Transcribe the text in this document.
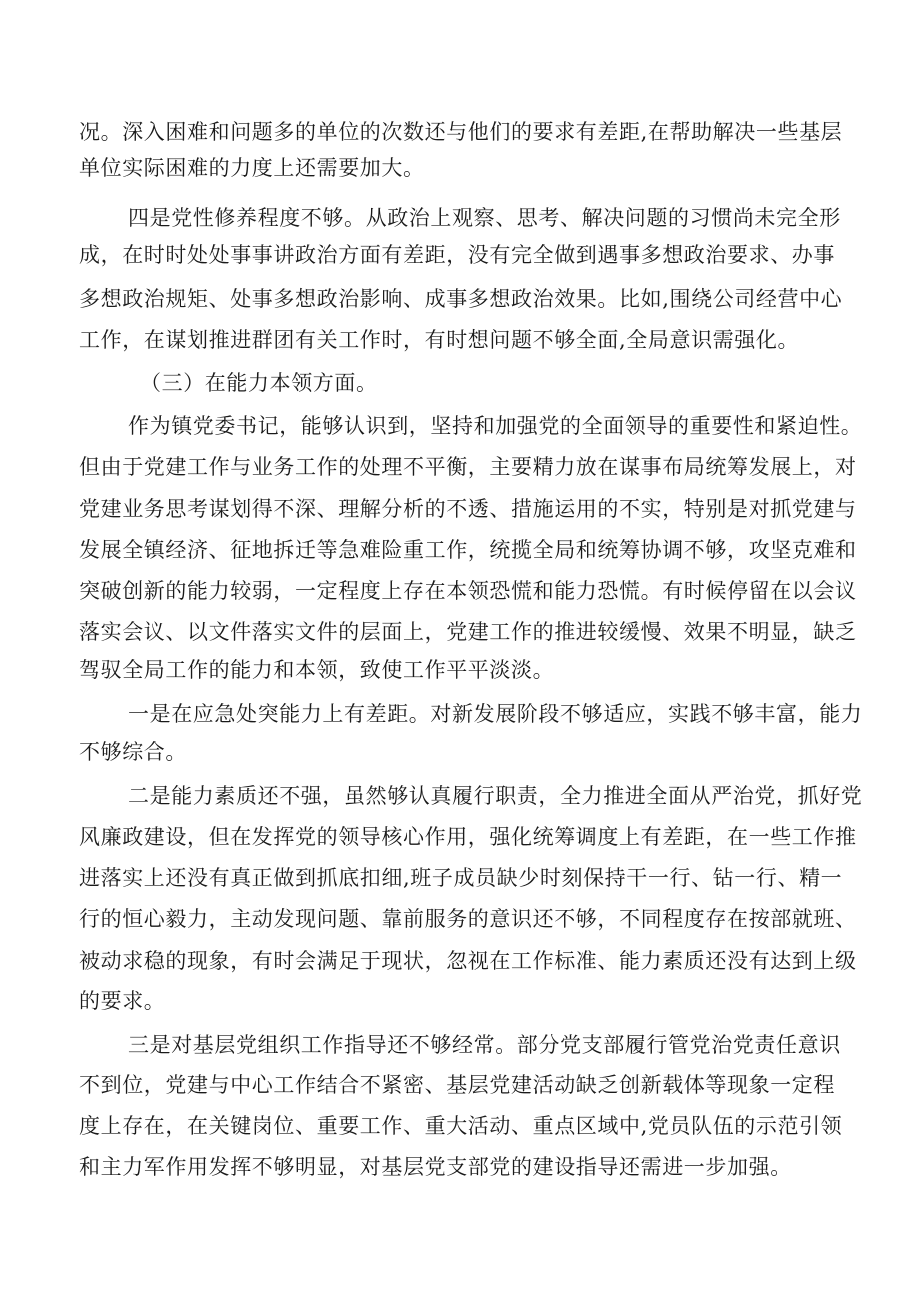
况。深入困难和问题多的单位的次数还与他们的要求有差距,在帮助解决一些基层
单位实际困难的力度上还需要加大。
四是党性修养程度不够。从政治上观察、思考、解决问题的习惯尚未完全形
成，在时时处处事事讲政治方面有差距，没有完全做到遇事多想政治要求、办事
多想政治规矩、处事多想政治影响、成事多想政治效果。比如,围绕公司经营中心
工作，在谋划推进群团有关工作时，有时想问题不够全面,全局意识需强化。
（三）在能力本领方面。
作为镇党委书记，能够认识到，坚持和加强党的全面领导的重要性和紧迫性。
但由于党建工作与业务工作的处理不平衡，主要精力放在谋事布局统筹发展上，对
党建业务思考谋划得不深、理解分析的不透、措施运用的不实，特别是对抓党建与
发展全镇经济、征地拆迁等急难险重工作，统揽全局和统筹协调不够，攻坚克难和
突破创新的能力较弱，一定程度上存在本领恐慌和能力恐慌。有时候停留在以会议
落实会议、以文件落实文件的层面上，党建工作的推进较缓慢、效果不明显，缺乏
驾驭全局工作的能力和本领，致使工作平平淡淡。
一是在应急处突能力上有差距。对新发展阶段不够适应，实践不够丰富，能力
不够综合。
二是能力素质还不强，虽然够认真履行职责，全力推进全面从严治党，抓好党
风廉政建设，但在发挥党的领导核心作用，强化统筹调度上有差距，在一些工作推
进落实上还没有真正做到抓底扣细,班子成员缺少时刻保持干一行、钻一行、精一
行的恒心毅力，主动发现问题、靠前服务的意识还不够，不同程度存在按部就班、
被动求稳的现象，有时会满足于现状，忽视在工作标准、能力素质还没有达到上级
的要求。
三是对基层党组织工作指导还不够经常。部分党支部履行管党治党责任意识
不到位，党建与中心工作结合不紧密、基层党建活动缺乏创新载体等现象一定程
度上存在，在关键岗位、重要工作、重大活动、重点区域中,党员队伍的示范引领
和主力军作用发挥不够明显，对基层党支部党的建设指导还需进一步加强。
